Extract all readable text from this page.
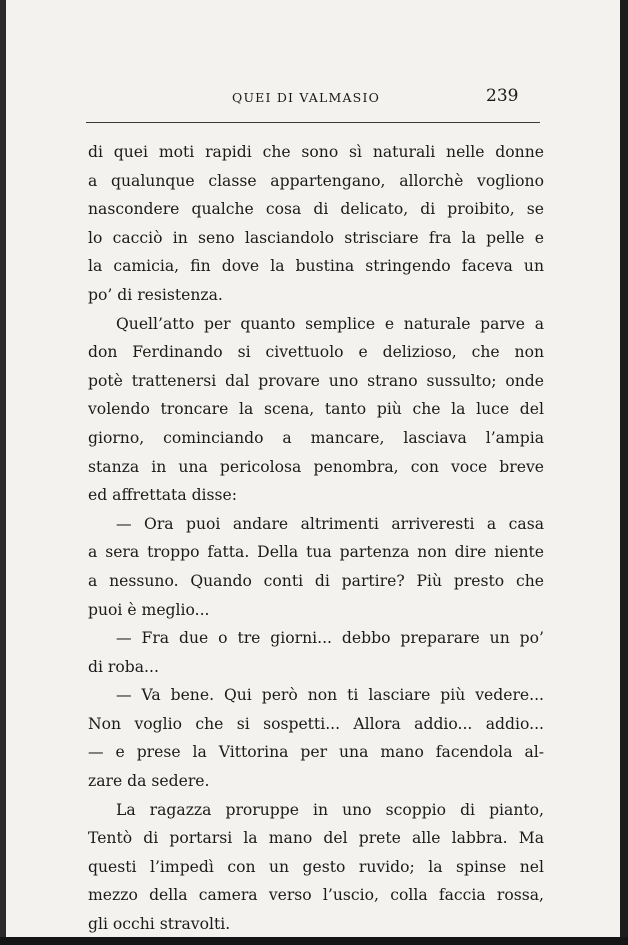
QUEI DI VALMASIO	239
di quei moti rapidi che sono sì naturali nelle donne
a qualunque classe appartengano, allorchè vogliono
nascondere qualche cosa di delicato, di proibito, se
lo cacciò in seno lasciandolo strisciare fra la pelle e
la camicia, fin dove la bustina stringendo faceva un
po’ di resistenza.
Quell’atto per quanto semplice e naturale parve a
don Ferdinando si civettuolo e delizioso, che non
potè trattenersi dal provare uno strano sussulto; onde
volendo troncare la scena, tanto più che la luce del
giorno, cominciando a mancare, lasciava l’ampia
stanza in una pericolosa penombra, con voce breve
ed affrettata disse:
— Ora puoi andare altrimenti arriveresti a casa
a sera troppo fatta. Della tua partenza non dire niente
a nessuno. Quando conti di partire? Più presto che
puoi è meglio...
— Fra due o tre giorni... debbo preparare un po’
di roba...
— Va bene. Qui però non ti lasciare più vedere...
Non voglio che si sospetti... Allora addio... addio...
— e prese la Vittorina per una mano facendola al-
zare da sedere.
La ragazza proruppe in uno scoppio di pianto,
Tentò di portarsi la mano del prete alle labbra. Ma
questi l’impedì con un gesto ruvido; la spinse nel
mezzo della camera verso l’uscio, colla faccia rossa,
gli occhi stravolti.
